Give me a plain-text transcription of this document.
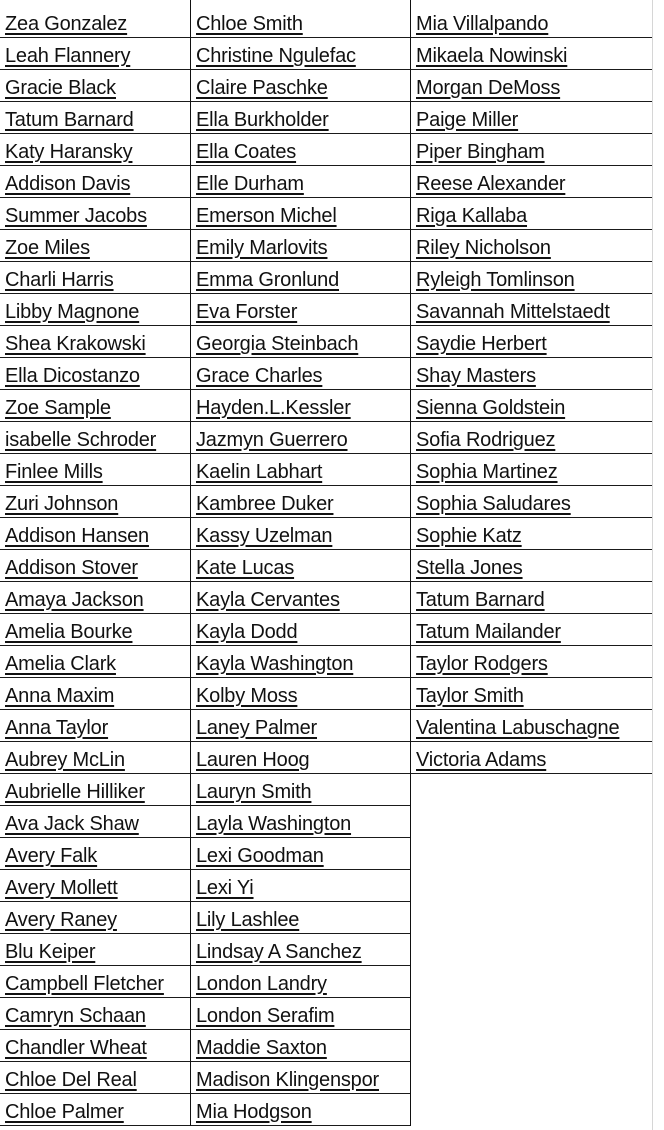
Zea Gonzalez
Leah Flannery
Gracie Black
Tatum Barnard
Katy Haransky
Addison Davis
Summer Jacobs
Zoe Miles
Charli Harris
Libby Magnone
Shea Krakowski
Ella Dicostanzo
Zoe Sample
isabelle Schroder
Finlee Mills
Zuri Johnson
Addison Hansen
Addison Stover
Amaya Jackson
Amelia Bourke
Amelia Clark
Anna Maxim
Anna Taylor
Aubrey McLin
Aubrielle Hilliker
Ava Jack Shaw
Avery Falk
Avery Mollett
Avery Raney
Blu Keiper
Campbell Fletcher
Camryn Schaan
Chandler Wheat
Chloe Del Real
Chloe Palmer
Chloe Smith
Christine Ngulefac
Claire Paschke
Ella Burkholder
Ella Coates
Elle Durham
Emerson Michel
Emily Marlovits
Emma Gronlund
Eva Forster
Georgia Steinbach
Grace Charles
Hayden.L.Kessler
Jazmyn Guerrero
Kaelin Labhart
Kambree Duker
Kassy Uzelman
Kate Lucas
Kayla Cervantes
Kayla Dodd
Kayla Washington
Kolby Moss
Laney Palmer
Lauren Hoog
Lauryn Smith
Layla Washington
Lexi Goodman
Lexi Yi
Lily Lashlee
Lindsay A Sanchez
London Landry
London Serafim
Maddie Saxton
Madison Klingenspor
Mia Hodgson
Mia Villalpando
Mikaela Nowinski
Morgan DeMoss
Paige Miller
Piper Bingham
Reese Alexander
Riga Kallaba
Riley Nicholson
Ryleigh Tomlinson
Savannah Mittelstaedt
Saydie Herbert
Shay Masters
Sienna Goldstein
Sofia Rodriguez
Sophia Martinez
Sophia Saludares
Sophie Katz
Stella Jones
Tatum Barnard
Tatum Mailander
Taylor Rodgers
Taylor Smith
Valentina Labuschagne
Victoria Adams
